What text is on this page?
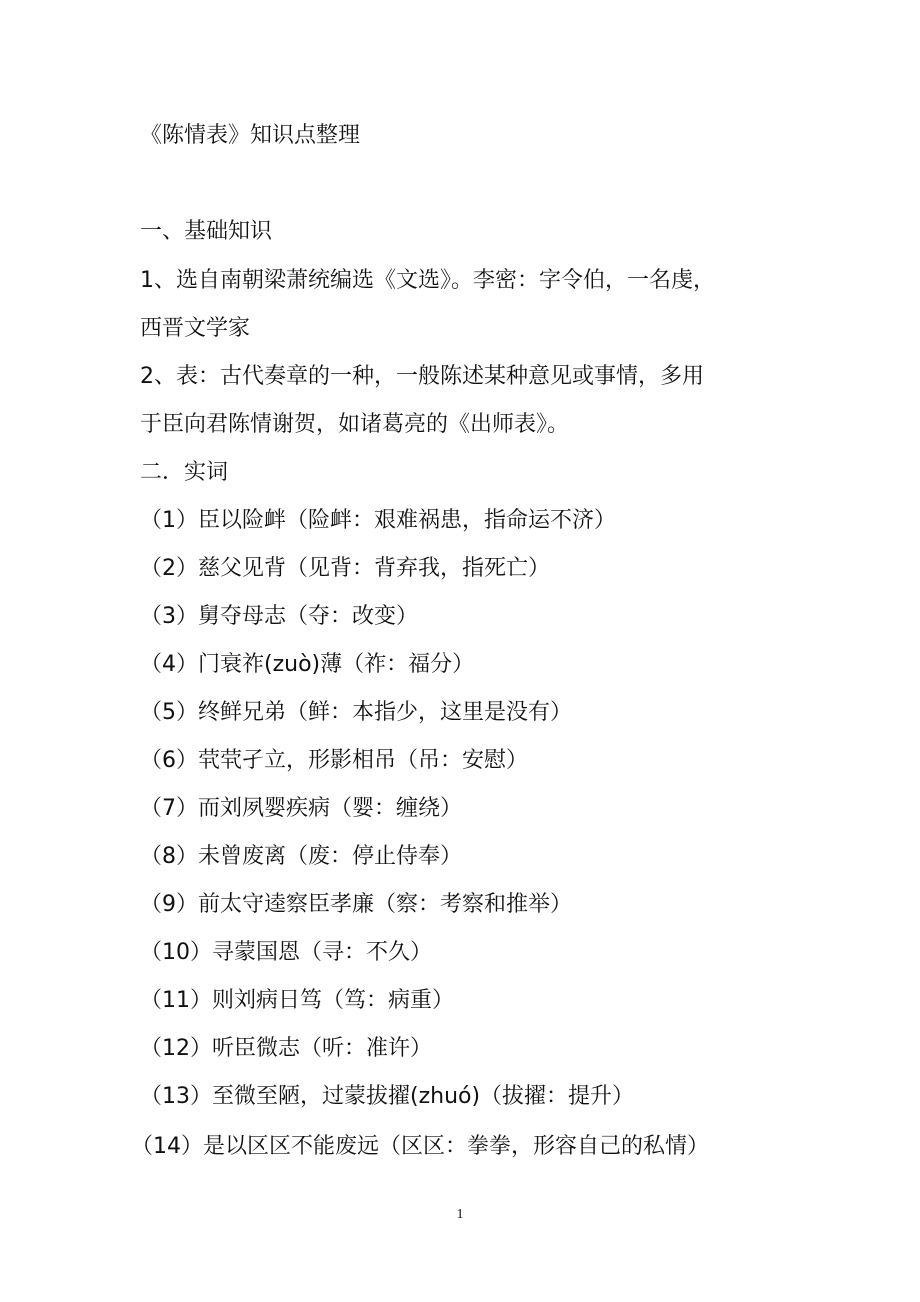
《陈情表》知识点整理
一、基础知识
1、选自南朝梁萧统编选《文选》。李密：字令伯，一名虔，
西晋文学家
2、表：古代奏章的一种，一般陈述某种意见或事情，多用
于臣向君陈情谢贺，如诸葛亮的《出师表》。
二．实词
（1）臣以险衅（险衅：艰难祸患，指命运不济）
（2）慈父见背（见背：背弃我，指死亡）
（3）舅夺母志（夺：改变）
（4）门衰祚(zuò)薄（祚：福分）
（5）终鲜兄弟（鲜：本指少，这里是没有）
（6）茕茕孑立，形影相吊（吊：安慰）
（7）而刘夙婴疾病（婴：缠绕）
（8）未曾废离（废：停止侍奉）
（9）前太守逵察臣孝廉（察：考察和推举）
（10）寻蒙国恩（寻：不久）
（11）则刘病日笃（笃：病重）
（12）听臣微志（听：准许）
（13）至微至陋，过蒙拔擢(zhuó)（拔擢：提升）
（14）是以区区不能废远（区区：拳拳，形容自己的私情）
1
